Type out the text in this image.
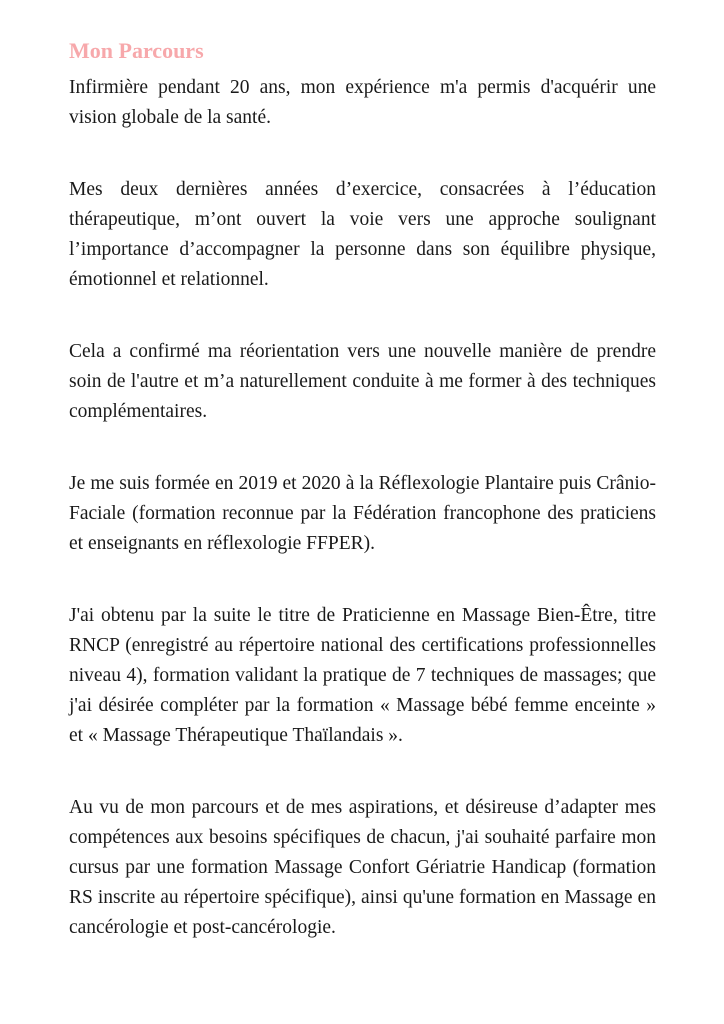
Mon Parcours

Infirmière pendant 20 ans, mon expérience m'a permis d'acquérir une vision globale de la santé.

Mes deux dernières années d’exercice, consacrées à l’éducation thérapeutique, m’ont ouvert la voie vers une approche soulignant l’importance d’accompagner la personne dans son équilibre physique, émotionnel et relationnel.

Cela a confirmé ma réorientation vers une nouvelle manière de prendre soin de l'autre et m’a naturellement conduite à me former à des techniques complémentaires.

Je me suis formée en 2019 et 2020 à la Réflexologie Plantaire puis Crânio-Faciale (formation reconnue par la Fédération francophone des praticiens et enseignants en réflexologie FFPER).

J'ai obtenu par la suite le titre de Praticienne en Massage Bien-Être, titre RNCP (enregistré au répertoire national des certifications professionnelles niveau 4), formation validant la pratique de 7 techniques de massages; que j'ai désirée compléter par la formation « Massage bébé femme enceinte » et « Massage Thérapeutique Thaïlandais ».

Au vu de mon parcours et de mes aspirations, et désireuse d’adapter mes compétences aux besoins spécifiques de chacun, j'ai souhaité parfaire mon cursus par une formation Massage Confort Gériatrie Handicap (formation RS inscrite au répertoire spécifique), ainsi qu'une formation en Massage en cancérologie et post-cancérologie.
